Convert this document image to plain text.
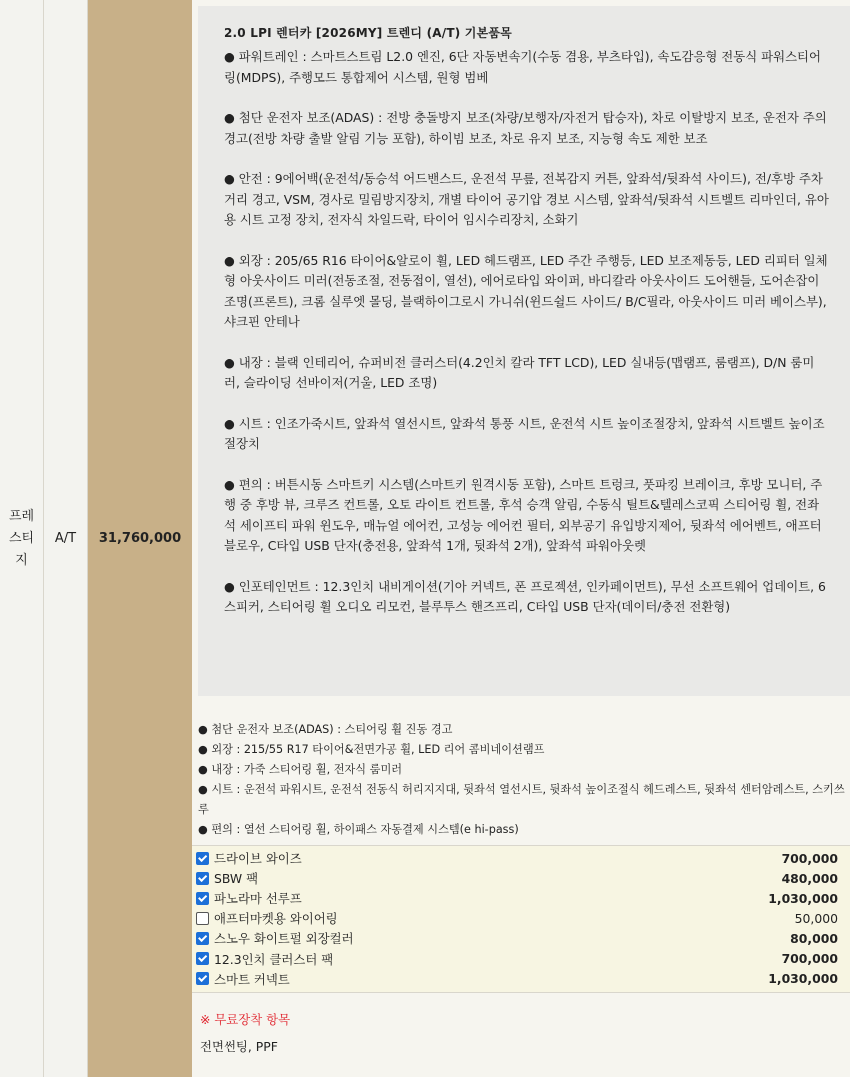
프레
스티
지
A/T 31,760,000
2.0 LPI 렌터카 [2026MY] 트렌디 (A/T) 기본품목
● 파워트레인 : 스마트스트림 L2.0 엔진, 6단 자동변속기(수동 겸용, 부츠타입), 속도감응형 전동식 파워스티어링(MDPS), 주행모드 통합제어 시스템, 원형 범베
● 첨단 운전자 보조(ADAS) : 전방 충돌방지 보조(차량/보행자/자전거 탑승자), 차로 이탈방지 보조, 운전자 주의 경고(전방 차량 출발 알림 기능 포함), 하이빔 보조, 차로 유지 보조, 지능형 속도 제한 보조
● 안전 : 9에어백(운전석/동승석 어드밴스드, 운전석 무릎, 전복감지 커튼, 앞좌석/뒷좌석 사이드), 전/후방 주차 거리 경고, VSM, 경사로 밀림방지장치, 개별 타이어 공기압 경보 시스템, 앞좌석/뒷좌석 시트벨트 리마인더, 유아용 시트 고정 장치, 전자식 차일드락, 타이어 임시수리장치, 소화기
● 외장 : 205/65 R16 타이어&알로이 휠, LED 헤드램프, LED 주간 주행등, LED 보조제동등, LED 리피터 일체형 아웃사이드 미러(전동조절, 전동접이, 열선), 에어로타입 와이퍼, 바디칼라 아웃사이드 도어핸들, 도어손잡이 조명(프론트), 크롬 실루엣 몰딩, 블랙하이그로시 가니쉬(윈드쉴드 사이드/ B/C필라, 아웃사이드 미러 베이스부), 샤크핀 안테나
● 내장 : 블랙 인테리어, 슈퍼비전 클러스터(4.2인치 칼라 TFT LCD), LED 실내등(맵램프, 룸램프), D/N 룸미러, 슬라이딩 선바이저(거울, LED 조명)
● 시트 : 인조가죽시트, 앞좌석 열선시트, 앞좌석 통풍 시트, 운전석 시트 높이조절장치, 앞좌석 시트벨트 높이조절장치
● 편의 : 버튼시동 스마트키 시스템(스마트키 원격시동 포함), 스마트 트렁크, 풋파킹 브레이크, 후방 모니터, 주행 중 후방 뷰, 크루즈 컨트롤, 오토 라이트 컨트롤, 후석 승객 알림, 수동식 틸트&텔레스코픽 스티어링 휠, 전좌석 세이프티 파워 윈도우, 매뉴얼 에어컨, 고성능 에어컨 필터, 외부공기 유입방지제어, 뒷좌석 에어벤트, 애프터 블로우, C타입 USB 단자(충전용, 앞좌석 1개, 뒷좌석 2개), 앞좌석 파워아웃렛
● 인포테인먼트 : 12.3인치 내비게이션(기아 커넥트, 폰 프로젝션, 인카페이먼트), 무선 소프트웨어 업데이트, 6스피커, 스티어링 휠 오디오 리모컨, 블루투스 핸즈프리, C타입 USB 단자(데이터/충전 전환형)
● 첨단 운전자 보조(ADAS) : 스티어링 휠 진동 경고
● 외장 : 215/55 R17 타이어&전면가공 휠, LED 리어 콤비네이션램프
● 내장 : 가죽 스티어링 휠, 전자식 룸미러
● 시트 : 운전석 파워시트, 운전석 전동식 허리지지대, 뒷좌석 열선시트, 뒷좌석 높이조절식 헤드레스트, 뒷좌석 센터암레스트, 스키쓰루
● 편의 : 열선 스티어링 휠, 하이패스 자동결제 시스템(e hi-pass)
드라이브 와이즈	700,000
SBW 팩	480,000
파노라마 선루프	1,030,000
애프터마켓용 와이어링	50,000
스노우 화이트펄 외장컬러	80,000
12.3인치 클러스터 팩	700,000
스마트 커넥트	1,030,000
※ 무료장착 항목
전면썬팅, PPF
